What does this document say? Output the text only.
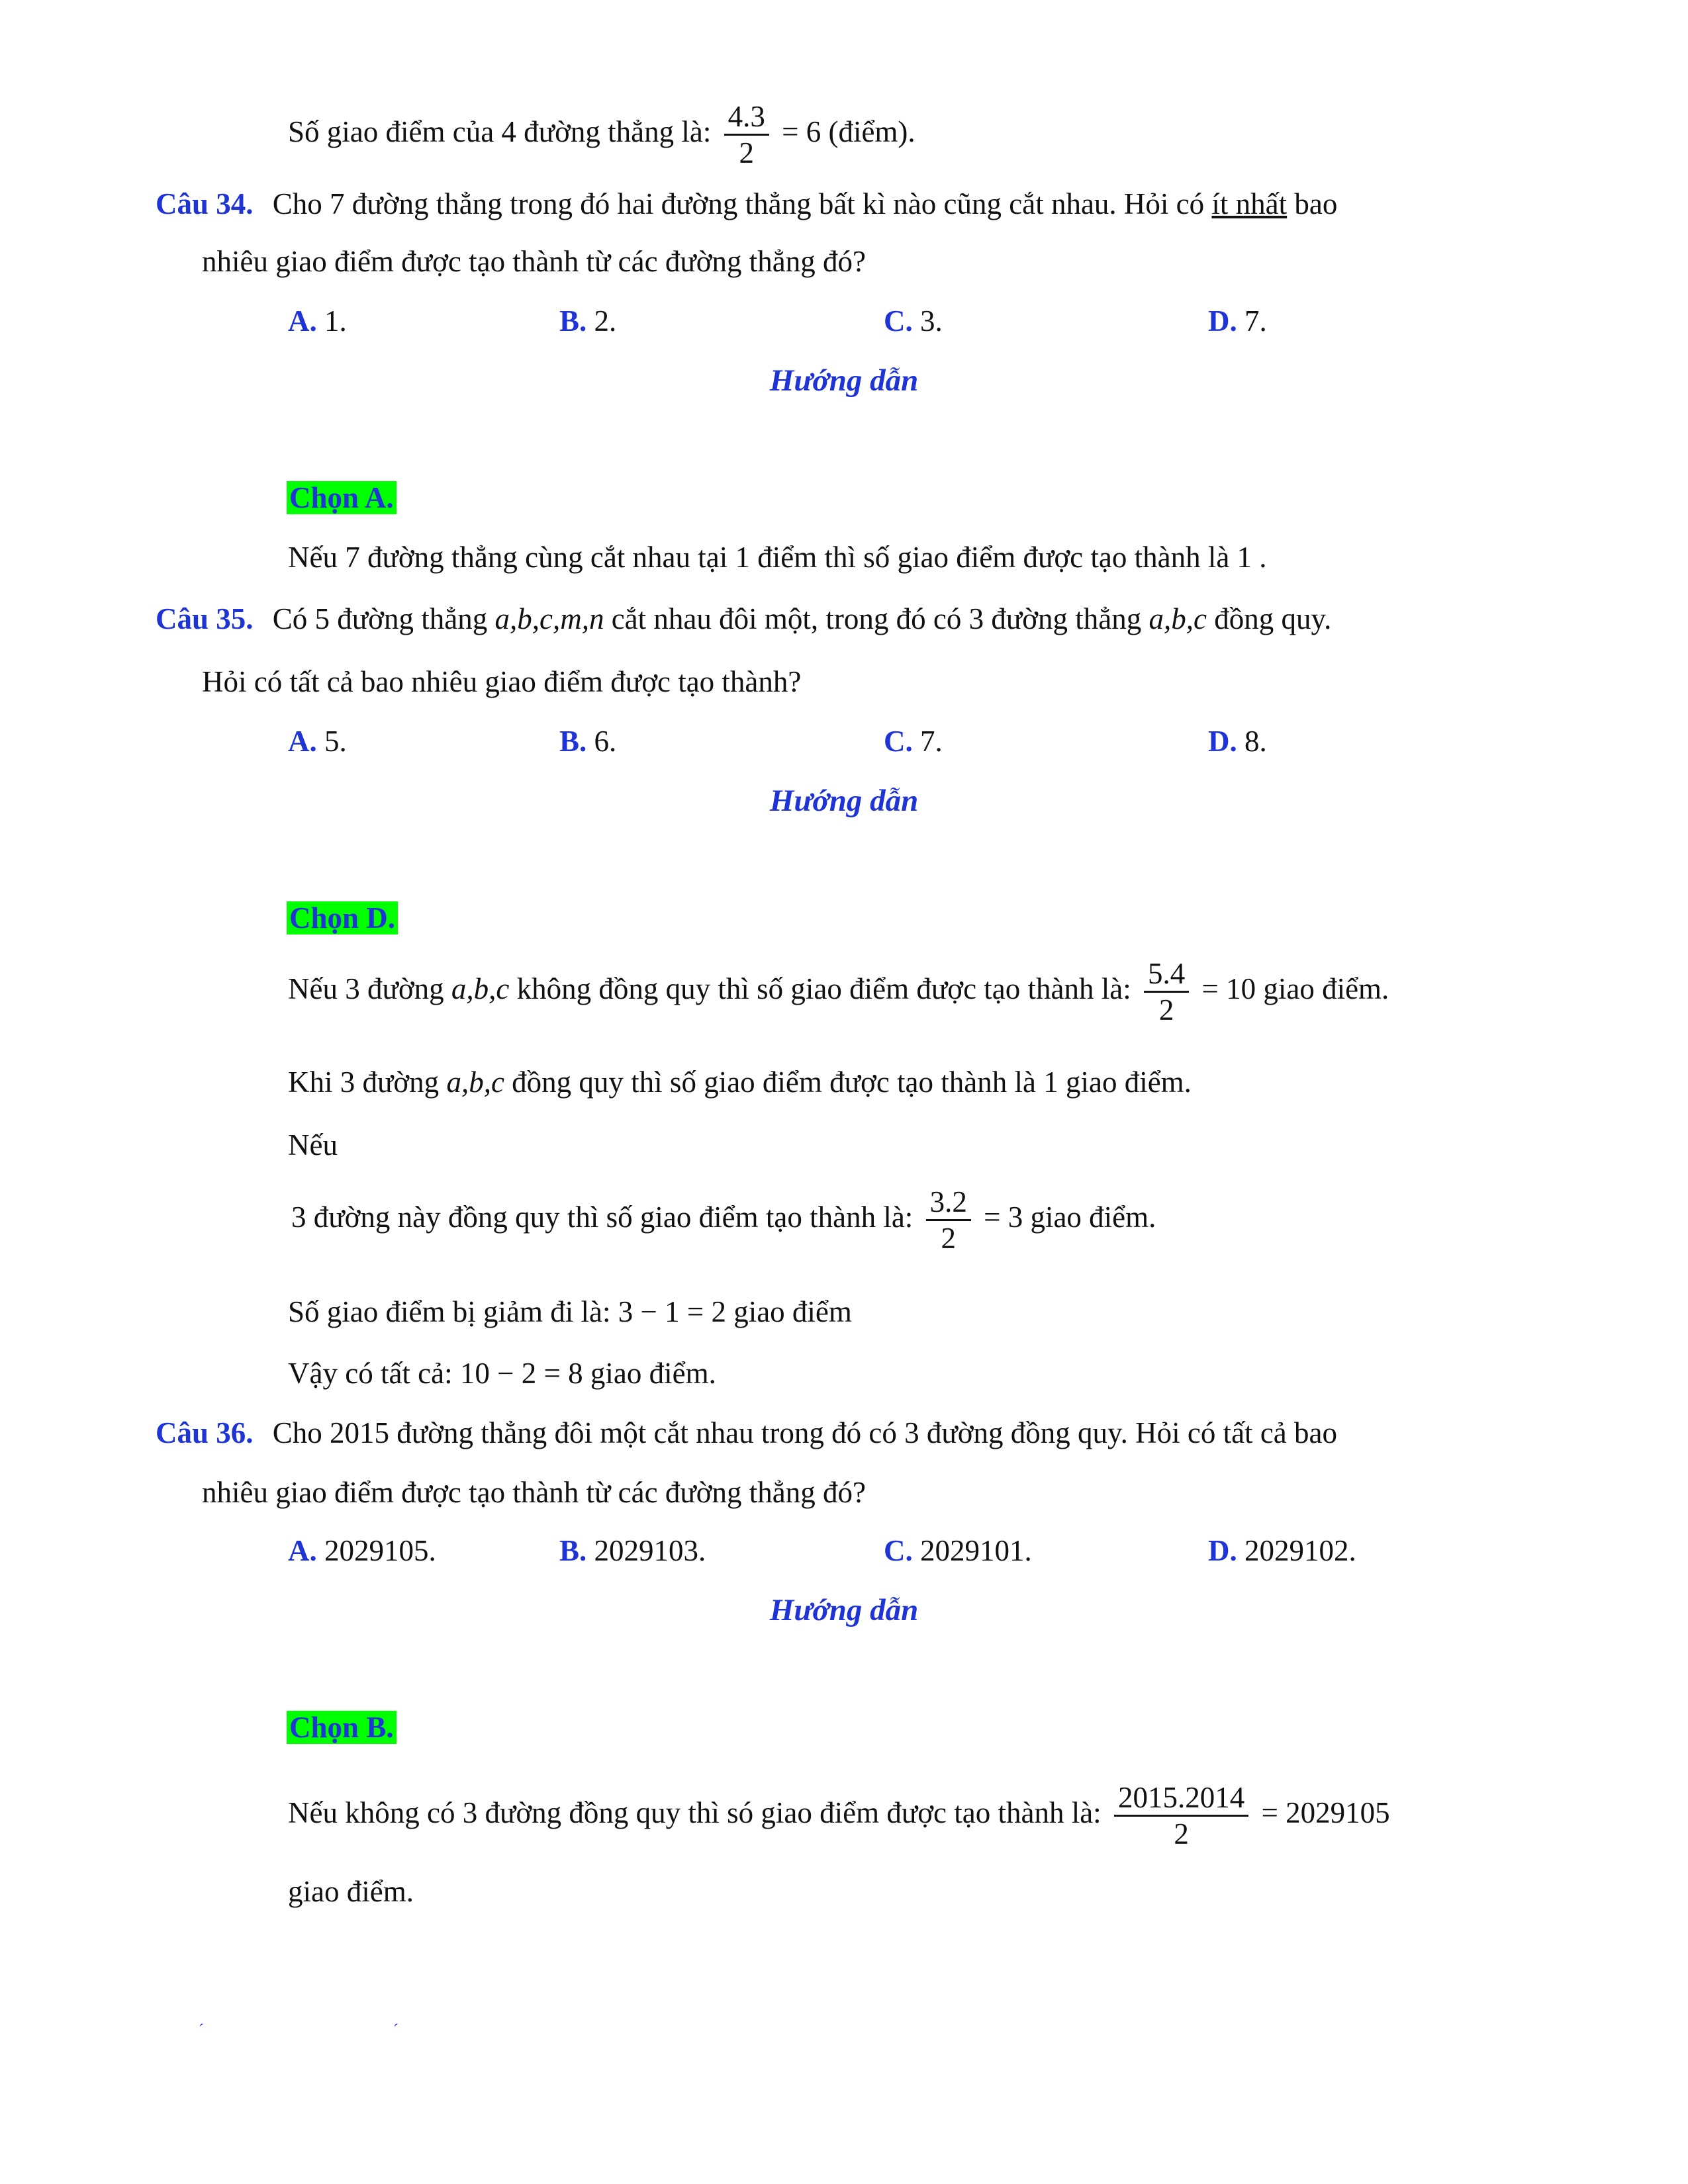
Số giao điểm của 4 đường thẳng là: $\frac{4.3}{2} = 6$ (điểm).
Câu 34. Cho 7 đường thẳng trong đó hai đường thẳng bất kì nào cũng cắt nhau. Hỏi có ít nhất bao
nhiêu giao điểm được tạo thành từ các đường thẳng đó?
A. 1.	B. 2.	C. 3.	D. 7.
Hướng dẫn
Chọn A.
Nếu 7 đường thẳng cùng cắt nhau tại 1 điểm thì số giao điểm được tạo thành là 1 .
Câu 35. Có 5 đường thẳng a,b,c,m,n cắt nhau đôi một, trong đó có 3 đường thẳng a,b,c đồng quy.
Hỏi có tất cả bao nhiêu giao điểm được tạo thành?
A. 5.	B. 6.	C. 7.	D. 8.
Hướng dẫn
Chọn D.
Nếu 3 đường a,b,c không đồng quy thì số giao điểm được tạo thành là: $\frac{5.4}{2} = 10$ giao điểm.
Khi 3 đường a,b,c đồng quy thì số giao điểm được tạo thành là 1 giao điểm.
Nếu
3 đường này đồng quy thì số giao điểm tạo thành là: $\frac{3.2}{2} = 3$ giao điểm.
Số giao điểm bị giảm đi là: 3 − 1 = 2 giao điểm
Vậy có tất cả: 10 − 2 = 8 giao điểm.
Câu 36. Cho 2015 đường thẳng đôi một cắt nhau trong đó có 3 đường đồng quy. Hỏi có tất cả bao
nhiêu giao điểm được tạo thành từ các đường thẳng đó?
A. 2029105.	B. 2029103.	C. 2029101.	D. 2029102.
Hướng dẫn
Chọn B.
Nếu không có 3 đường đồng quy thì só giao điểm được tạo thành là: $\frac{2015.2014}{2} = 2029105$
giao điểm.
´ ´
